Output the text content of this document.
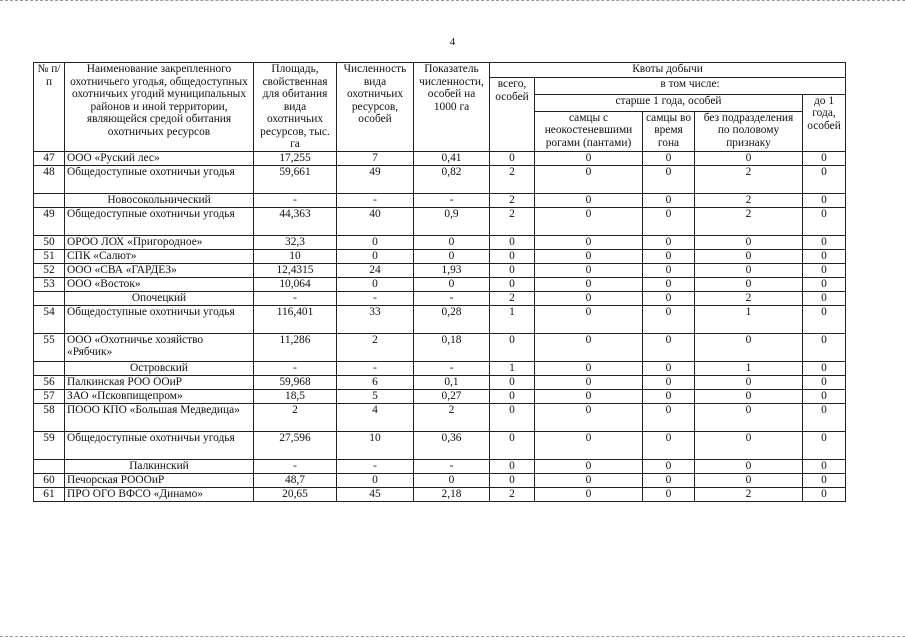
4
№ п/п	Наименование закрепленного охотничьего угодья, общедоступных охотничьих угодий муниципальных районов и иной территории, являющейся средой обитания охотничьих ресурсов	Площадь, свойственная для обитания вида охотничьих ресурсов, тыс. га	Численность вида охотничьих ресурсов, особей	Показатель численности, особей на 1000 га	Квоты добычи				
					всего, особей	в том числе:			
						старше 1 года, особей			до 1 года, особей
						самцы с неокостеневшими рогами (пантами)	самцы во время гона	без подразделения по половому признаку	
47	ООО «Руский лес»	17,255	7	0,41	0	0	0	0	0
48	Общедоступные охотничьи угодья	59,661	49	0,82	2	0	0	2	0
	Новосокольнический	-	-	-	2	0	0	2	0
49	Общедоступные охотничьи угодья	44,363	40	0,9	2	0	0	2	0
50	ОРОО ЛОХ «Пригородное»	32,3	0	0	0	0	0	0	0
51	СПК «Салют»	10	0	0	0	0	0	0	0
52	ООО «СВА «ГАРДЕЗ»	12,4315	24	1,93	0	0	0	0	0
53	ООО «Восток»	10,064	0	0	0	0	0	0	0
	Опочецкий	-	-	-	2	0	0	2	0
54	Общедоступные охотничьи угодья	116,401	33	0,28	1	0	0	1	0
55	ООО «Охотничье хозяйство «Рябчик»	11,286	2	0,18	0	0	0	0	0
	Островский	-	-	-	1	0	0	1	0
56	Палкинская РОО ООиР	59,968	6	0,1	0	0	0	0	0
57	ЗАО «Псковпищепром»	18,5	5	0,27	0	0	0	0	0
58	ПООО КПО «Большая Медведица»	2	4	2	0	0	0	0	0
59	Общедоступные охотничьи угодья	27,596	10	0,36	0	0	0	0	0
	Палкинский	-	-	-	0	0	0	0	0
60	Печорская РОООиР	48,7	0	0	0	0	0	0	0
61	ПРО ОГО ВФСО «Динамо»	20,65	45	2,18	2	0	0	2	0
